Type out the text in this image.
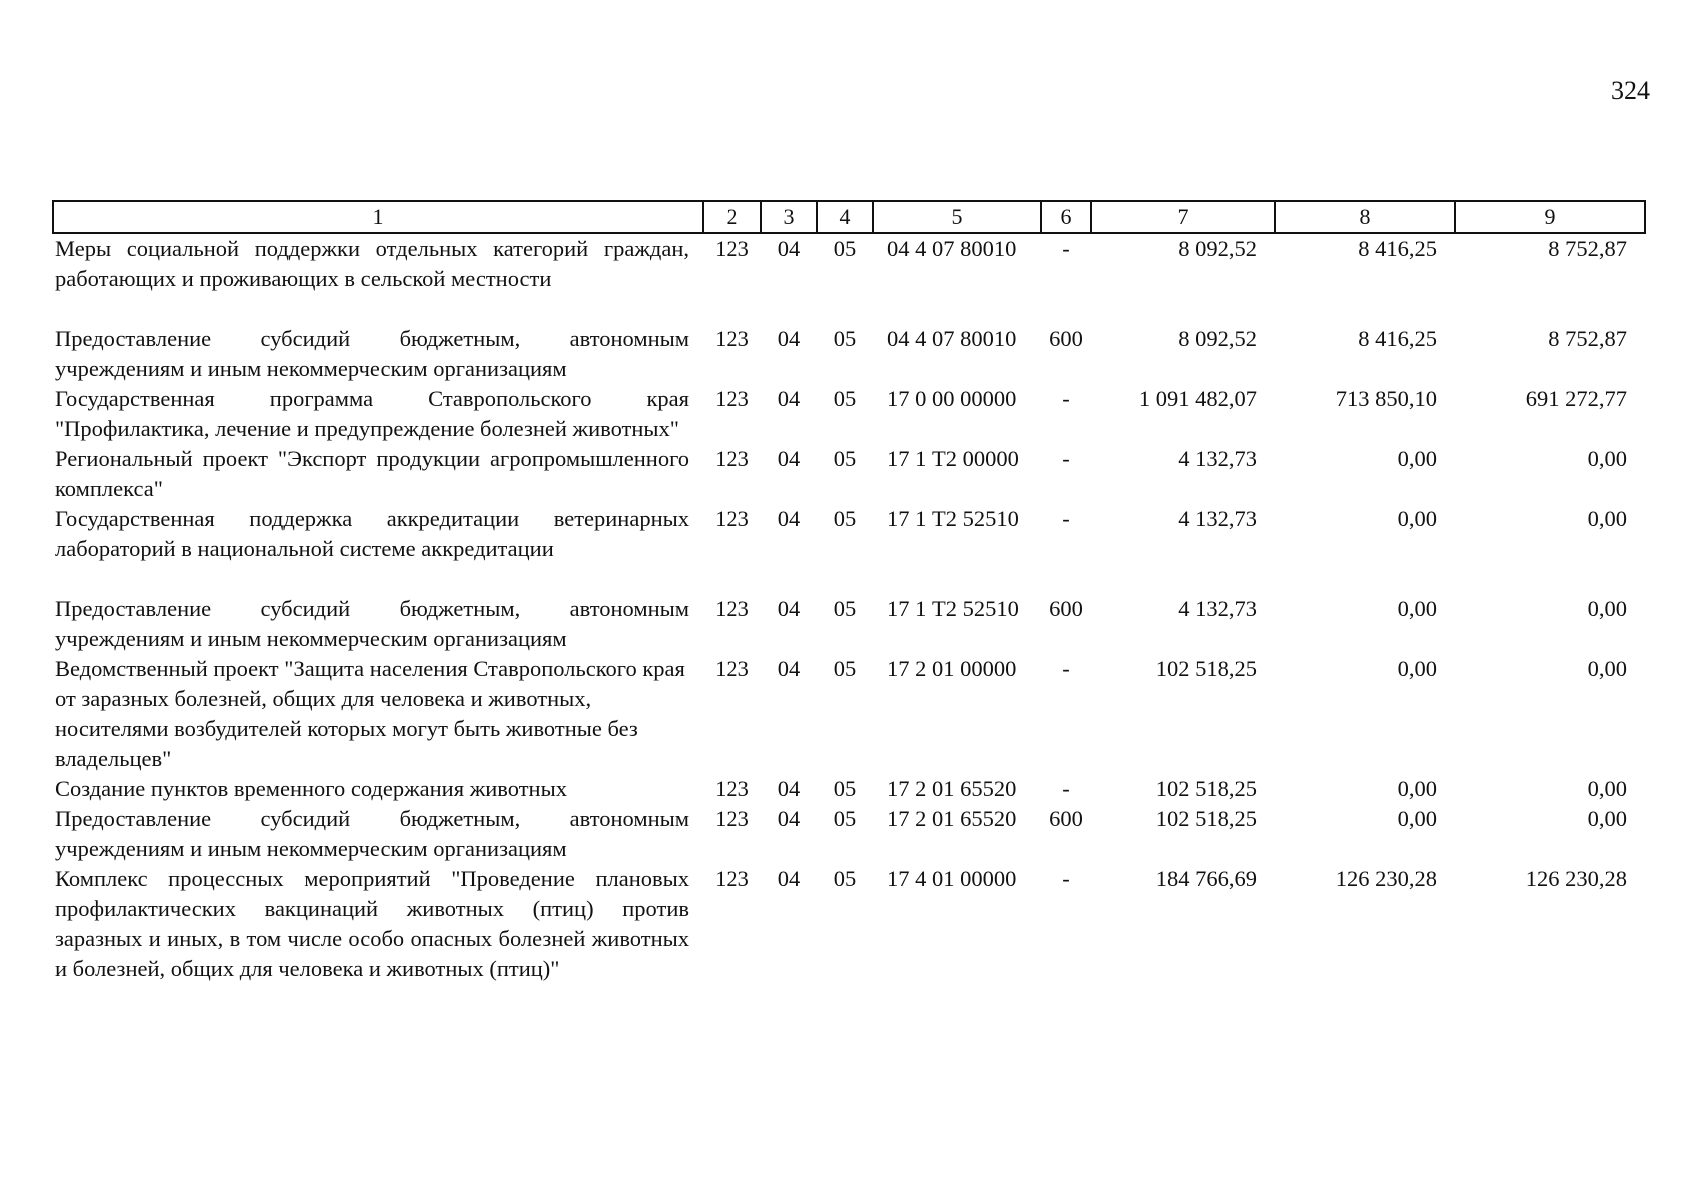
324
1	2	3	4	5	6	7	8	9
Меры социальной поддержки отдельных категорий граждан, работающих и проживающих в сельской местности	123	04	05	04 4 07 80010	-	8 092,52	8 416,25	8 752,87
Предоставление субсидий бюджетным, автономным учреждениям и иным некоммерческим организациям	123	04	05	04 4 07 80010	600	8 092,52	8 416,25	8 752,87
Государственная программа Ставропольского края "Профилактика, лечение и предупреждение болезней животных"	123	04	05	17 0 00 00000	-	1 091 482,07	713 850,10	691 272,77
Региональный проект "Экспорт продукции агропромышленного комплекса"	123	04	05	17 1 Т2 00000	-	4 132,73	0,00	0,00
Государственная поддержка аккредитации ветеринарных лабораторий в национальной системе аккредитации	123	04	05	17 1 Т2 52510	-	4 132,73	0,00	0,00
Предоставление субсидий бюджетным, автономным учреждениям и иным некоммерческим организациям	123	04	05	17 1 Т2 52510	600	4 132,73	0,00	0,00
Ведомственный проект "Защита населения Ставропольского края от заразных болезней, общих для человека и животных, носителями возбудителей которых могут быть животные без владельцев"	123	04	05	17 2 01 00000	-	102 518,25	0,00	0,00
Создание пунктов временного содержания животных	123	04	05	17 2 01 65520	-	102 518,25	0,00	0,00
Предоставление субсидий бюджетным, автономным учреждениям и иным некоммерческим организациям	123	04	05	17 2 01 65520	600	102 518,25	0,00	0,00
Комплекс процессных мероприятий "Проведение плановых профилактических вакцинаций животных (птиц) против заразных и иных, в том числе особо опасных болезней животных и болезней, общих для человека и животных (птиц)"	123	04	05	17 4 01 00000	-	184 766,69	126 230,28	126 230,28
